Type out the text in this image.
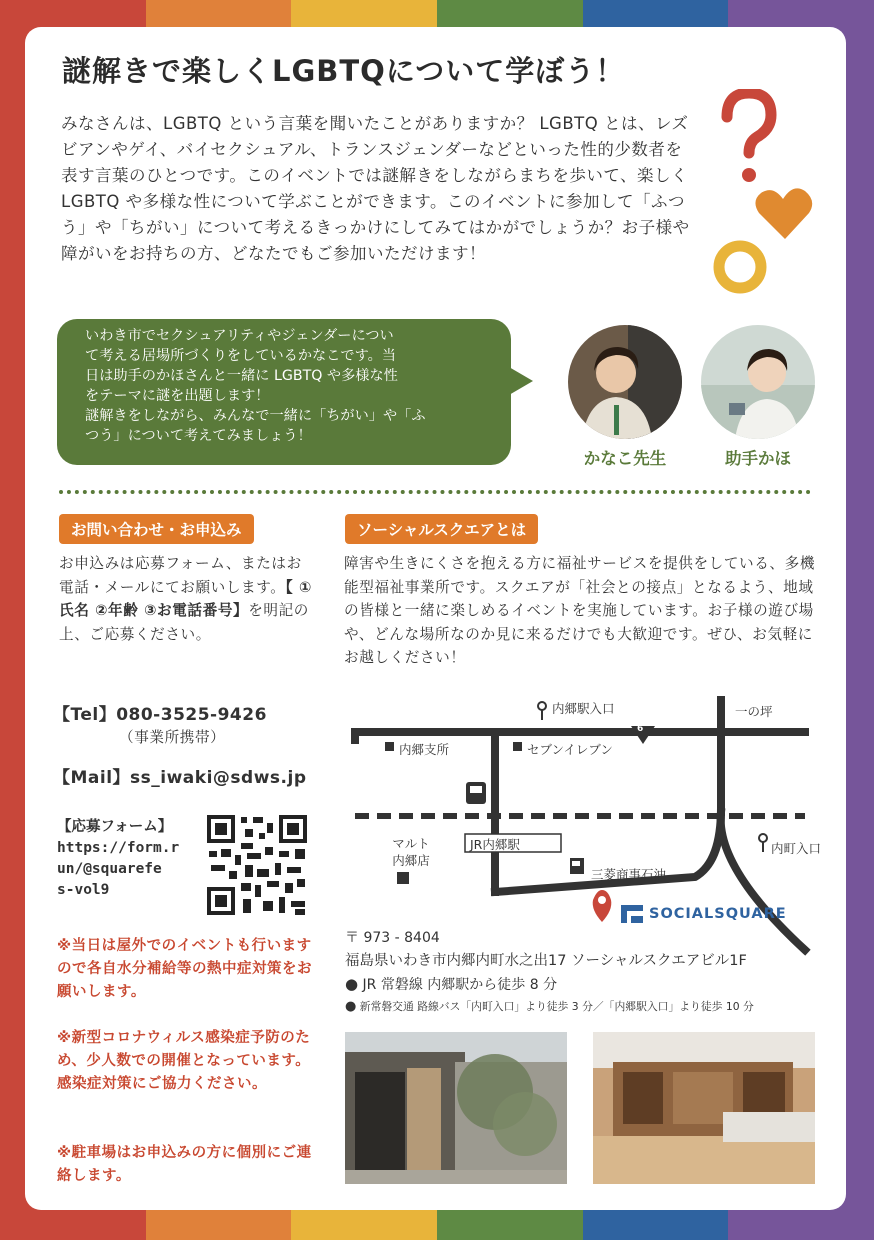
謎解きで楽しくLGBTQについて学ぼう！
みなさんは、LGBTQ という言葉を聞いたことがありますか？ LGBTQ とは、レズビアンやゲイ、バイセクシュアル、トランスジェンダーなどといった性的少数者を表す言葉のひとつです。このイベントでは謎解きをしながらまちを歩いて、楽しく LGBTQ や多様な性について学ぶことができます。このイベントに参加して「ふつう」や「ちがい」について考えるきっかけにしてみてはかがでしょうか？お子様や障がいをお持ちの方、どなたでもご参加いただけます！
いわき市でセクシュアリティやジェンダーについ
て考える居場所づくりをしているかなこです。当
日は助手のかほさんと一緒に LGBTQ や多様な性
をテーマに謎を出題します！
謎解きをしながら、みんなで一緒に「ちがい」や「ふ
つう」について考えてみましょう！
かなこ先生	助手かほ
お問い合わせ・お申込み
お申込みは応募フォーム、またはお電話・メールにてお願いします。【 ①氏名 ②年齢 ③お電話番号】を明記の上、ご応募ください。
【Tel】080-3525-9426
（事業所携帯）
【Mail】ss_iwaki@sdws.jp
【応募フォーム】
https://form.r
un/@squarefe
s-vol9
※当日は屋外でのイベントも行いますので各自水分補給等の熱中症対策をお願いします。
※新型コロナウィルス感染症予防のため、少人数での開催となっています。感染症対策にご協力ください。
※駐車場はお申込みの方に個別にご連絡します。
ソーシャルスクエアとは
障害や生きにくさを抱える方に福祉サービスを提供をしている、多機能型福祉事業所です。スクエアが「社会との接点」となるよう、地域の皆様と一緒に楽しめるイベントを実施しています。お子様の遊び場や、どんな場所なのか見に来るだけでも大歓迎です。ぜひ、お気軽にお越しください！
内郷駅入口
6
一の坪
内郷支所	セブンイレブン
JR内郷駅
マルト
内郷店
三菱商事石油
内町入口
SOCIALSQUARE
〒 973 - 8404
福島県いわき市内郷内町水之出17 ソーシャルスクエアビル1F
● JR 常磐線 内郷駅から徒歩 8 分
● 新常磐交通 路線バス「内町入口」より徒歩 3 分／「内郷駅入口」より徒歩 10 分
